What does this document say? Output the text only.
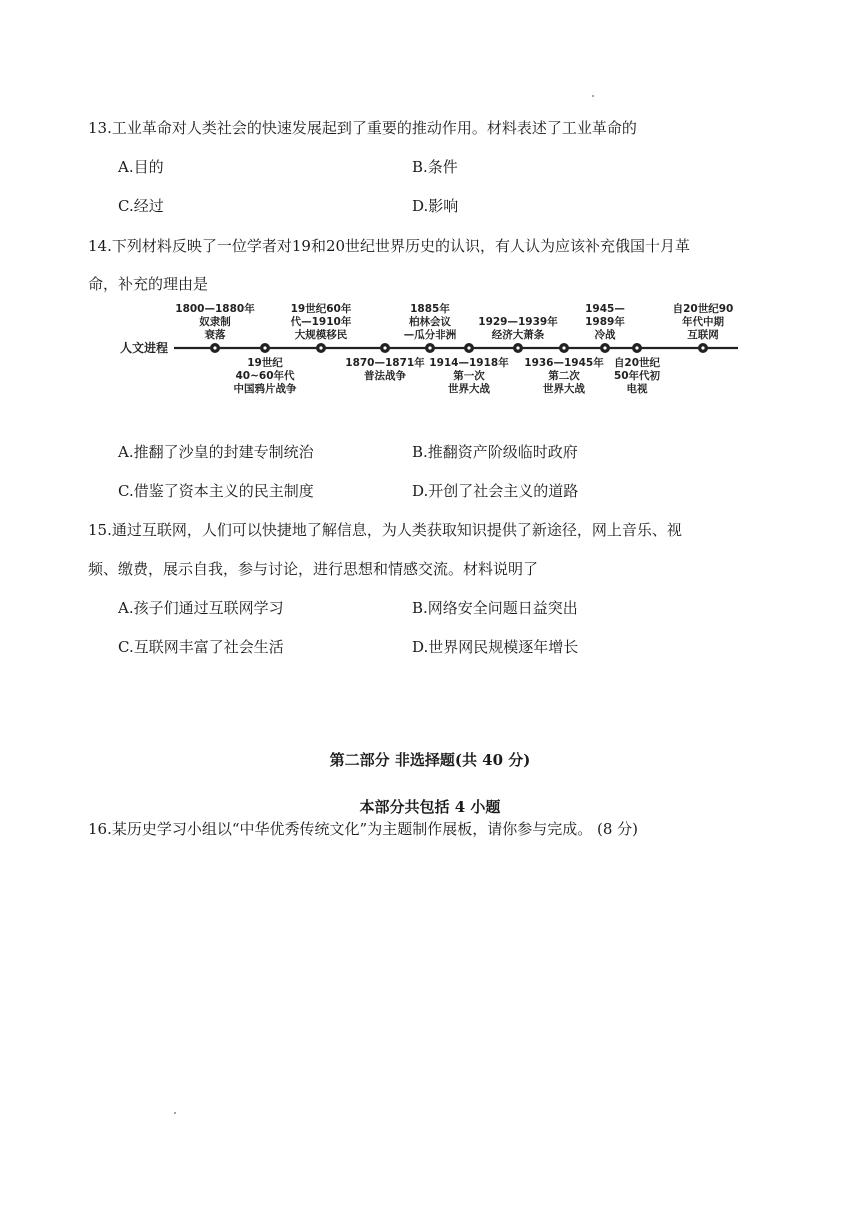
13.工业革命对人类社会的快速发展起到了重要的推动作用。材料表述了工业革命的
A.目的	B.条件
C.经过	D.影响
14.下列材料反映了一位学者对19和20世纪世界历史的认识，有人认为应该补充俄国十月革
命，补充的理由是
人文进程
1800—1880年
奴隶制
衰落
19世纪
40~60年代
中国鸦片战争
19世纪60年
代—1910年
大规模移民
1870—1871年
普法战争
1885年
柏林会议
—瓜分非洲
1914—1918年
第一次
世界大战
1929—1939年
经济大萧条
1936—1945年
第二次
世界大战
1945—
1989年
冷战
自20世纪
50年代初
电视
自20世纪90
年代中期
互联网
A.推翻了沙皇的封建专制统治	B.推翻资产阶级临时政府
C.借鉴了资本主义的民主制度	D.开创了社会主义的道路
15.通过互联网，人们可以快捷地了解信息，为人类获取知识提供了新途径，网上音乐、视
频、缴费，展示自我，参与讨论，进行思想和情感交流。材料说明了
A.孩子们通过互联网学习	B.网络安全问题日益突出
C.互联网丰富了社会生活	D.世界网民规模逐年增长
第二部分 非选择题(共 40 分)
本部分共包括 4 小题
16.某历史学习小组以“中华优秀传统文化”为主题制作展板，请你参与完成。 (8 分)
